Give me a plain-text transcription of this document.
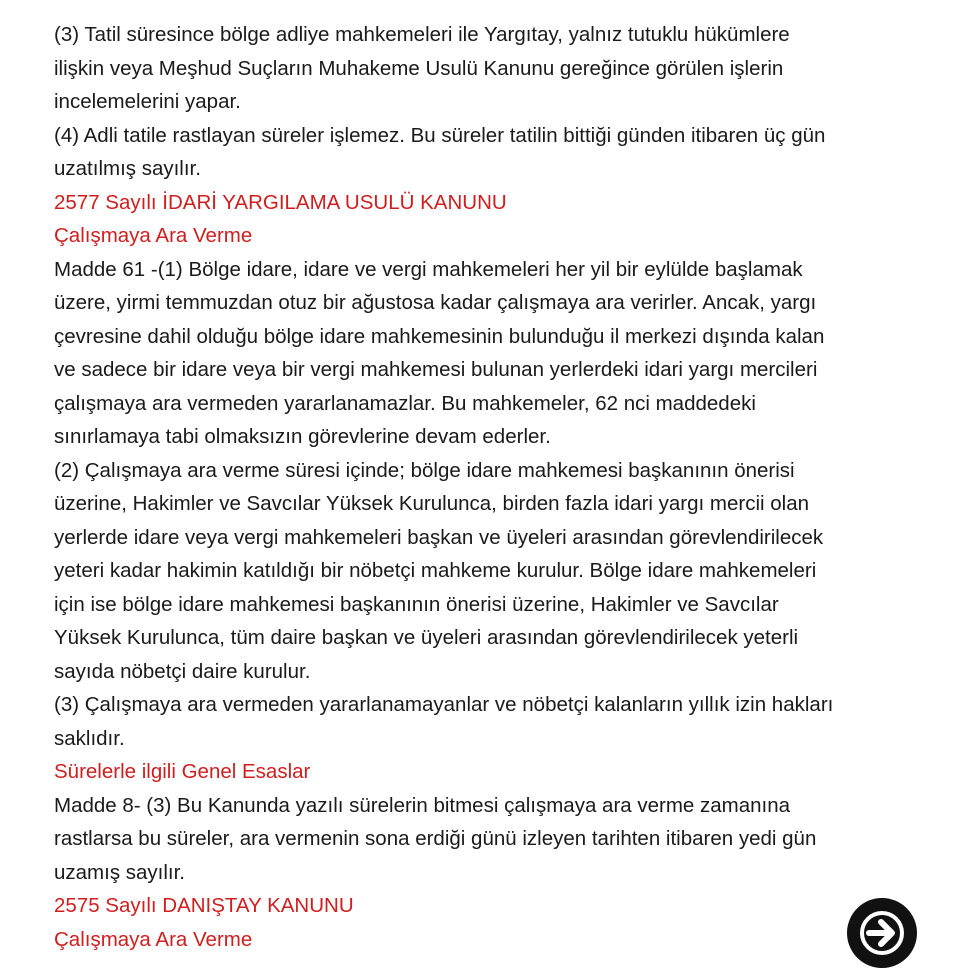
(3) Tatil süresince bölge adliye mahkemeleri ile Yargıtay, yalnız tutuklu hükümlere
ilişkin veya Meşhud Suçların Muhakeme Usulü Kanunu gereğince görülen işlerin
incelemelerini yapar.
(4) Adli tatile rastlayan süreler işlemez. Bu süreler tatilin bittiği günden itibaren üç gün
uzatılmış sayılır.
2577 Sayılı İDARİ YARGILAMA USULÜ KANUNU
Çalışmaya Ara Verme
Madde 61 -(1) Bölge idare, idare ve vergi mahkemeleri her yil bir eylülde başlamak
üzere, yirmi temmuzdan otuz bir ağustosa kadar çalışmaya ara verirler. Ancak, yargı
çevresine dahil olduğu bölge idare mahkemesinin bulunduğu il merkezi dışında kalan
ve sadece bir idare veya bir vergi mahkemesi bulunan yerlerdeki idari yargı mercileri
çalışmaya ara vermeden yararlanamazlar. Bu mahkemeler, 62 nci maddedeki
sınırlamaya tabi olmaksızın görevlerine devam ederler.
(2) Çalışmaya ara verme süresi içinde; bölge idare mahkemesi başkanının önerisi
üzerine, Hakimler ve Savcılar Yüksek Kurulunca, birden fazla idari yargı mercii olan
yerlerde idare veya vergi mahkemeleri başkan ve üyeleri arasından görevlendirilecek
yeteri kadar hakimin katıldığı bir nöbetçi mahkeme kurulur. Bölge idare mahkemeleri
için ise bölge idare mahkemesi başkanının önerisi üzerine, Hakimler ve Savcılar
Yüksek Kurulunca, tüm daire başkan ve üyeleri arasından görevlendirilecek yeterli
sayıda nöbetçi daire kurulur.
(3) Çalışmaya ara vermeden yararlanamayanlar ve nöbetçi kalanların yıllık izin hakları
saklıdır.
Sürelerle ilgili Genel Esaslar
Madde 8- (3) Bu Kanunda yazılı sürelerin bitmesi çalışmaya ara verme zamanına
rastlarsa bu süreler, ara vermenin sona erdiği günü izleyen tarihten itibaren yedi gün
uzamış sayılır.
2575 Sayılı DANIŞTAY KANUNU
Çalışmaya Ara Verme
